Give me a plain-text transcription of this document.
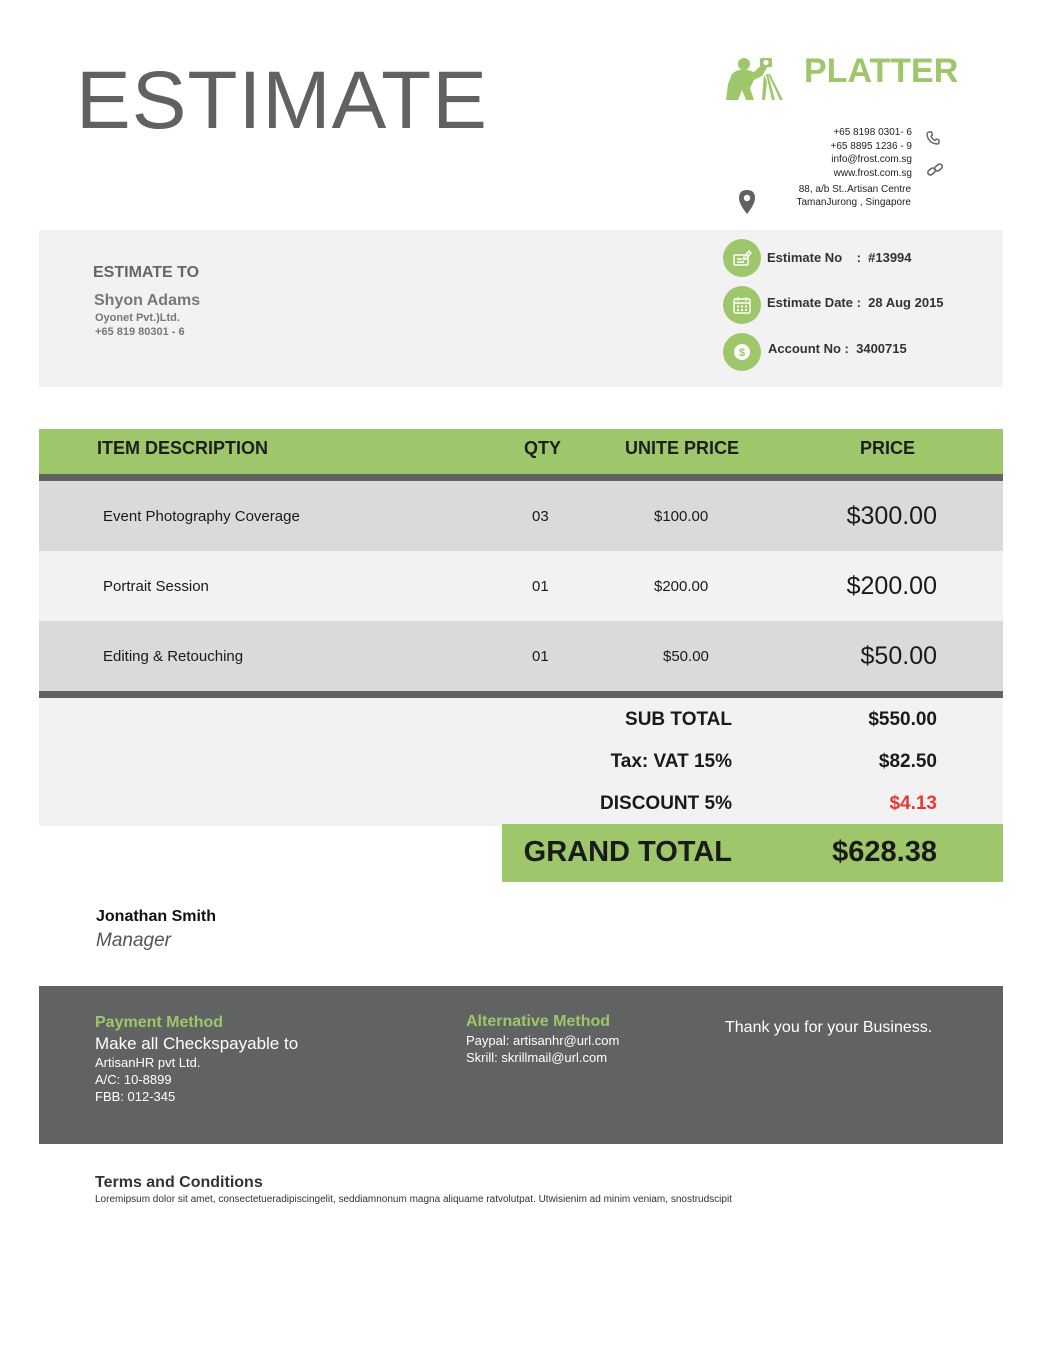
ESTIMATE	PLATTER
+65 8198 0301- 6
+65 8895 1236 - 9
info@frost.com.sg
www.frost.com.sg
88, a/b St..Artisan Centre
TamanJurong , Singapore
ESTIMATE TO
Shyon Adams
Oyonet Pvt.)Ltd.
+65 819 80301 - 6
Estimate No    :  #13994
Estimate Date :  28 Aug 2015
$ Account No :  3400715
ITEM DESCRIPTION	QTY	UNITE PRICE	PRICE
Event Photography Coverage	03	$100.00	$300.00
Portrait Session	01	$200.00	$200.00
Editing & Retouching	01	$50.00	$50.00
SUB TOTAL	$550.00
Tax: VAT 15%	$82.50
DISCOUNT 5%	$4.13
GRAND TOTAL	$628.38
Jonathan Smith
Manager
Payment Method
Make all Checkspayable to
ArtisanHR pvt Ltd.
A/C: 10-8899
FBB: 012-345
Alternative Method
Paypal: artisanhr@url.com
Skrill: skrillmail@url.com
Thank you for your Business.
Terms and Conditions
Loremipsum dolor sit amet, consectetueradipiscingelit, seddiamnonum magna aliquame ratvolutpat. Utwisienim ad minim veniam, snostrudscipit
